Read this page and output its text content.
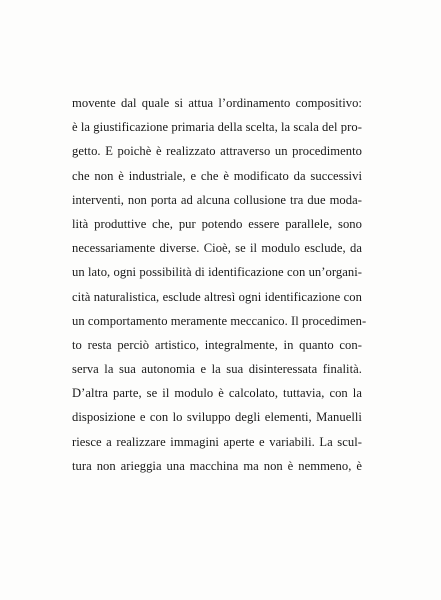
movente dal quale si attua l’ordinamento compositivo:
è la giustificazione primaria della scelta, la scala del pro-
getto. E poichè è realizzato attraverso un procedimento
che non è industriale, e che è modificato da successivi
interventi, non porta ad alcuna collusione tra due moda-
lità produttive che, pur potendo essere parallele, sono
necessariamente diverse. Cioè, se il modulo esclude, da
un lato, ogni possibilità di identificazione con un’organi-
cità naturalistica, esclude altresì ogni identificazione con
un comportamento meramente meccanico. Il procedimen-
to resta perciò artistico, integralmente, in quanto con-
serva la sua autonomia e la sua disinteressata finalità.
D’altra parte, se il modulo è calcolato, tuttavia, con la
disposizione e con lo sviluppo degli elementi, Manuelli
riesce a realizzare immagini aperte e variabili. La scul-
tura non arieggia una macchina ma non è nemmeno, è
